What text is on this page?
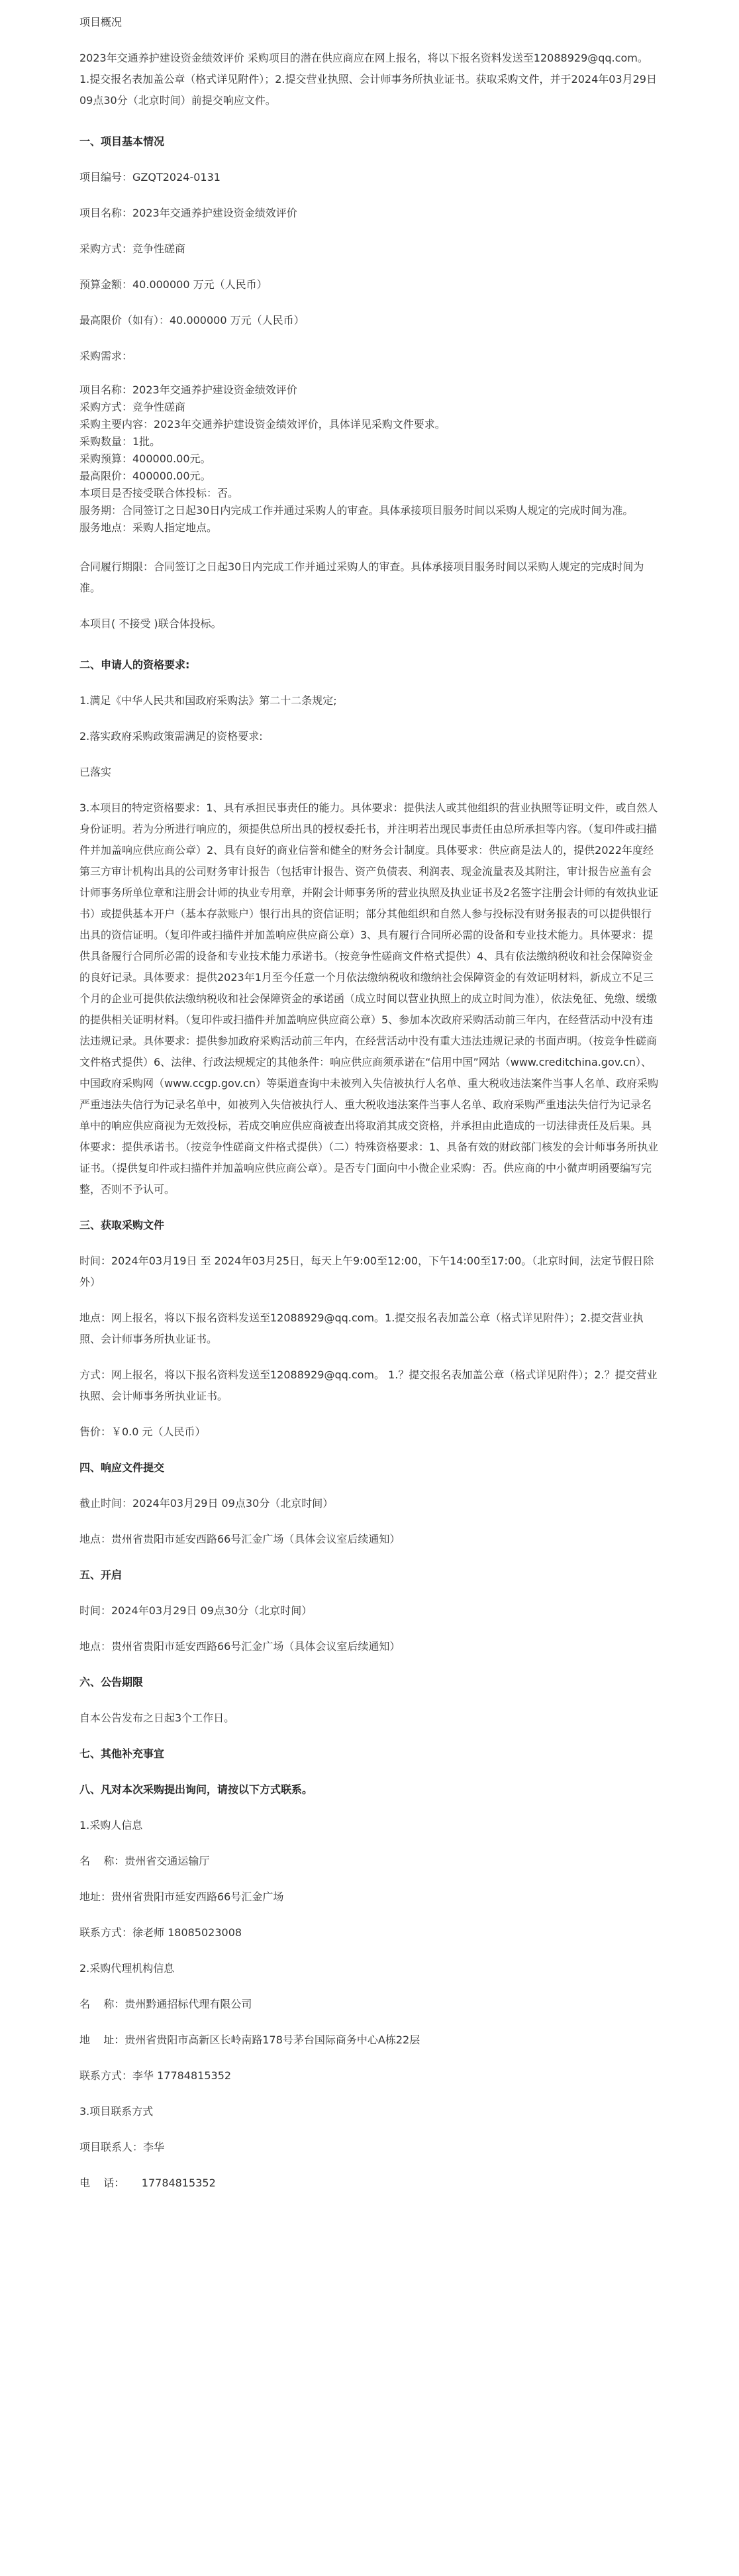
项目概况

2023年交通养护建设资金绩效评价 采购项目的潜在供应商应在网上报名，将以下报名资料发送至12088929@qq.com。 1.提交报名表加盖公章（格式详见附件）；2.提交营业执照、会计师事务所执业证书。获取采购文件，并于2024年03月29日 09点30分（北京时间）前提交响应文件。

一、项目基本情况

项目编号：GZQT2024-0131

项目名称：2023年交通养护建设资金绩效评价

采购方式：竞争性磋商

预算金额：40.000000 万元（人民币）

最高限价（如有）：40.000000 万元（人民币）

采购需求：

项目名称：2023年交通养护建设资金绩效评价

采购方式：竞争性磋商

采购主要内容：2023年交通养护建设资金绩效评价，具体详见采购文件要求。

采购数量：1批。

采购预算：400000.00元。

最高限价：400000.00元。

本项目是否接受联合体投标：否。

服务期：合同签订之日起30日内完成工作并通过采购人的审查。具体承接项目服务时间以采购人规定的完成时间为准。

服务地点：采购人指定地点。

合同履行期限：合同签订之日起30日内完成工作并通过采购人的审查。具体承接项目服务时间以采购人规定的完成时间为准。

本项目( 不接受 )联合体投标。

二、申请人的资格要求:

1.满足《中华人民共和国政府采购法》第二十二条规定;

2.落实政府采购政策需满足的资格要求:

已落实

3.本项目的特定资格要求：1、具有承担民事责任的能力。具体要求：提供法人或其他组织的营业执照等证明文件，或自然人身份证明。若为分所进行响应的，须提供总所出具的授权委托书，并注明若出现民事责任由总所承担等内容。（复印件或扫描件并加盖响应供应商公章）2、具有良好的商业信誉和健全的财务会计制度。具体要求：供应商是法人的，提供2022年度经第三方审计机构出具的公司财务审计报告（包括审计报告、资产负债表、利润表、现金流量表及其附注，审计报告应盖有会计师事务所单位章和注册会计师的执业专用章，并附会计师事务所的营业执照及执业证书及2名签字注册会计师的有效执业证书）或提供基本开户（基本存款账户）银行出具的资信证明；部分其他组织和自然人参与投标没有财务报表的可以提供银行出具的资信证明。（复印件或扫描件并加盖响应供应商公章）3、具有履行合同所必需的设备和专业技术能力。具体要求：提供具备履行合同所必需的设备和专业技术能力承诺书。（按竞争性磋商文件格式提供）4、具有依法缴纳税收和社会保障资金的良好记录。具体要求：提供2023年1月至今任意一个月依法缴纳税收和缴纳社会保障资金的有效证明材料，新成立不足三个月的企业可提供依法缴纳税收和社会保障资金的承诺函（成立时间以营业执照上的成立时间为准），依法免征、免缴、缓缴的提供相关证明材料。（复印件或扫描件并加盖响应供应商公章）5、参加本次政府采购活动前三年内，在经营活动中没有违法违规记录。具体要求：提供参加政府采购活动前三年内，在经营活动中没有重大违法违规记录的书面声明。（按竞争性磋商文件格式提供）6、法律、行政法规规定的其他条件：响应供应商须承诺在“信用中国”网站（www.creditchina.gov.cn）、中国政府采购网（www.ccgp.gov.cn）等渠道查询中未被列入失信被执行人名单、重大税收违法案件当事人名单、政府采购严重违法失信行为记录名单中，如被列入失信被执行人、重大税收违法案件当事人名单、政府采购严重违法失信行为记录名单中的响应供应商视为无效投标，若成交响应供应商被查出将取消其成交资格，并承担由此造成的一切法律责任及后果。具体要求：提供承诺书。（按竞争性磋商文件格式提供）（二）特殊资格要求：1、具备有效的财政部门核发的会计师事务所执业证书。（提供复印件或扫描件并加盖响应供应商公章）。是否专门面向中小微企业采购：否。供应商的中小微声明函要编写完整，否则不予认可。

三、获取采购文件

时间：2024年03月19日 至 2024年03月25日，每天上午9:00至12:00，下午14:00至17:00。（北京时间，法定节假日除外）

地点：网上报名，将以下报名资料发送至12088929@qq.com。1.提交报名表加盖公章（格式详见附件）；2.提交营业执照、会计师事务所执业证书。

方式：网上报名，将以下报名资料发送至12088929@qq.com。 1.？提交报名表加盖公章（格式详见附件）；2.？提交营业执照、会计师事务所执业证书。

售价：￥0.0 元（人民币）

四、响应文件提交

截止时间：2024年03月29日 09点30分（北京时间）

地点：贵州省贵阳市延安西路66号汇金广场（具体会议室后续通知）

五、开启

时间：2024年03月29日 09点30分（北京时间）

地点：贵州省贵阳市延安西路66号汇金广场（具体会议室后续通知）

六、公告期限

自本公告发布之日起3个工作日。

七、其他补充事宜
八、凡对本次采购提出询问，请按以下方式联系。

1.采购人信息

名    称：贵州省交通运输厅

地址：贵州省贵阳市延安西路66号汇金广场

联系方式：徐老师 18085023008

2.采购代理机构信息

名    称：贵州黔通招标代理有限公司

地    址：贵州省贵阳市高新区长岭南路178号茅台国际商务中心A栋22层

联系方式：李华 17784815352

3.项目联系方式

项目联系人：李华

电    话：     17784815352
